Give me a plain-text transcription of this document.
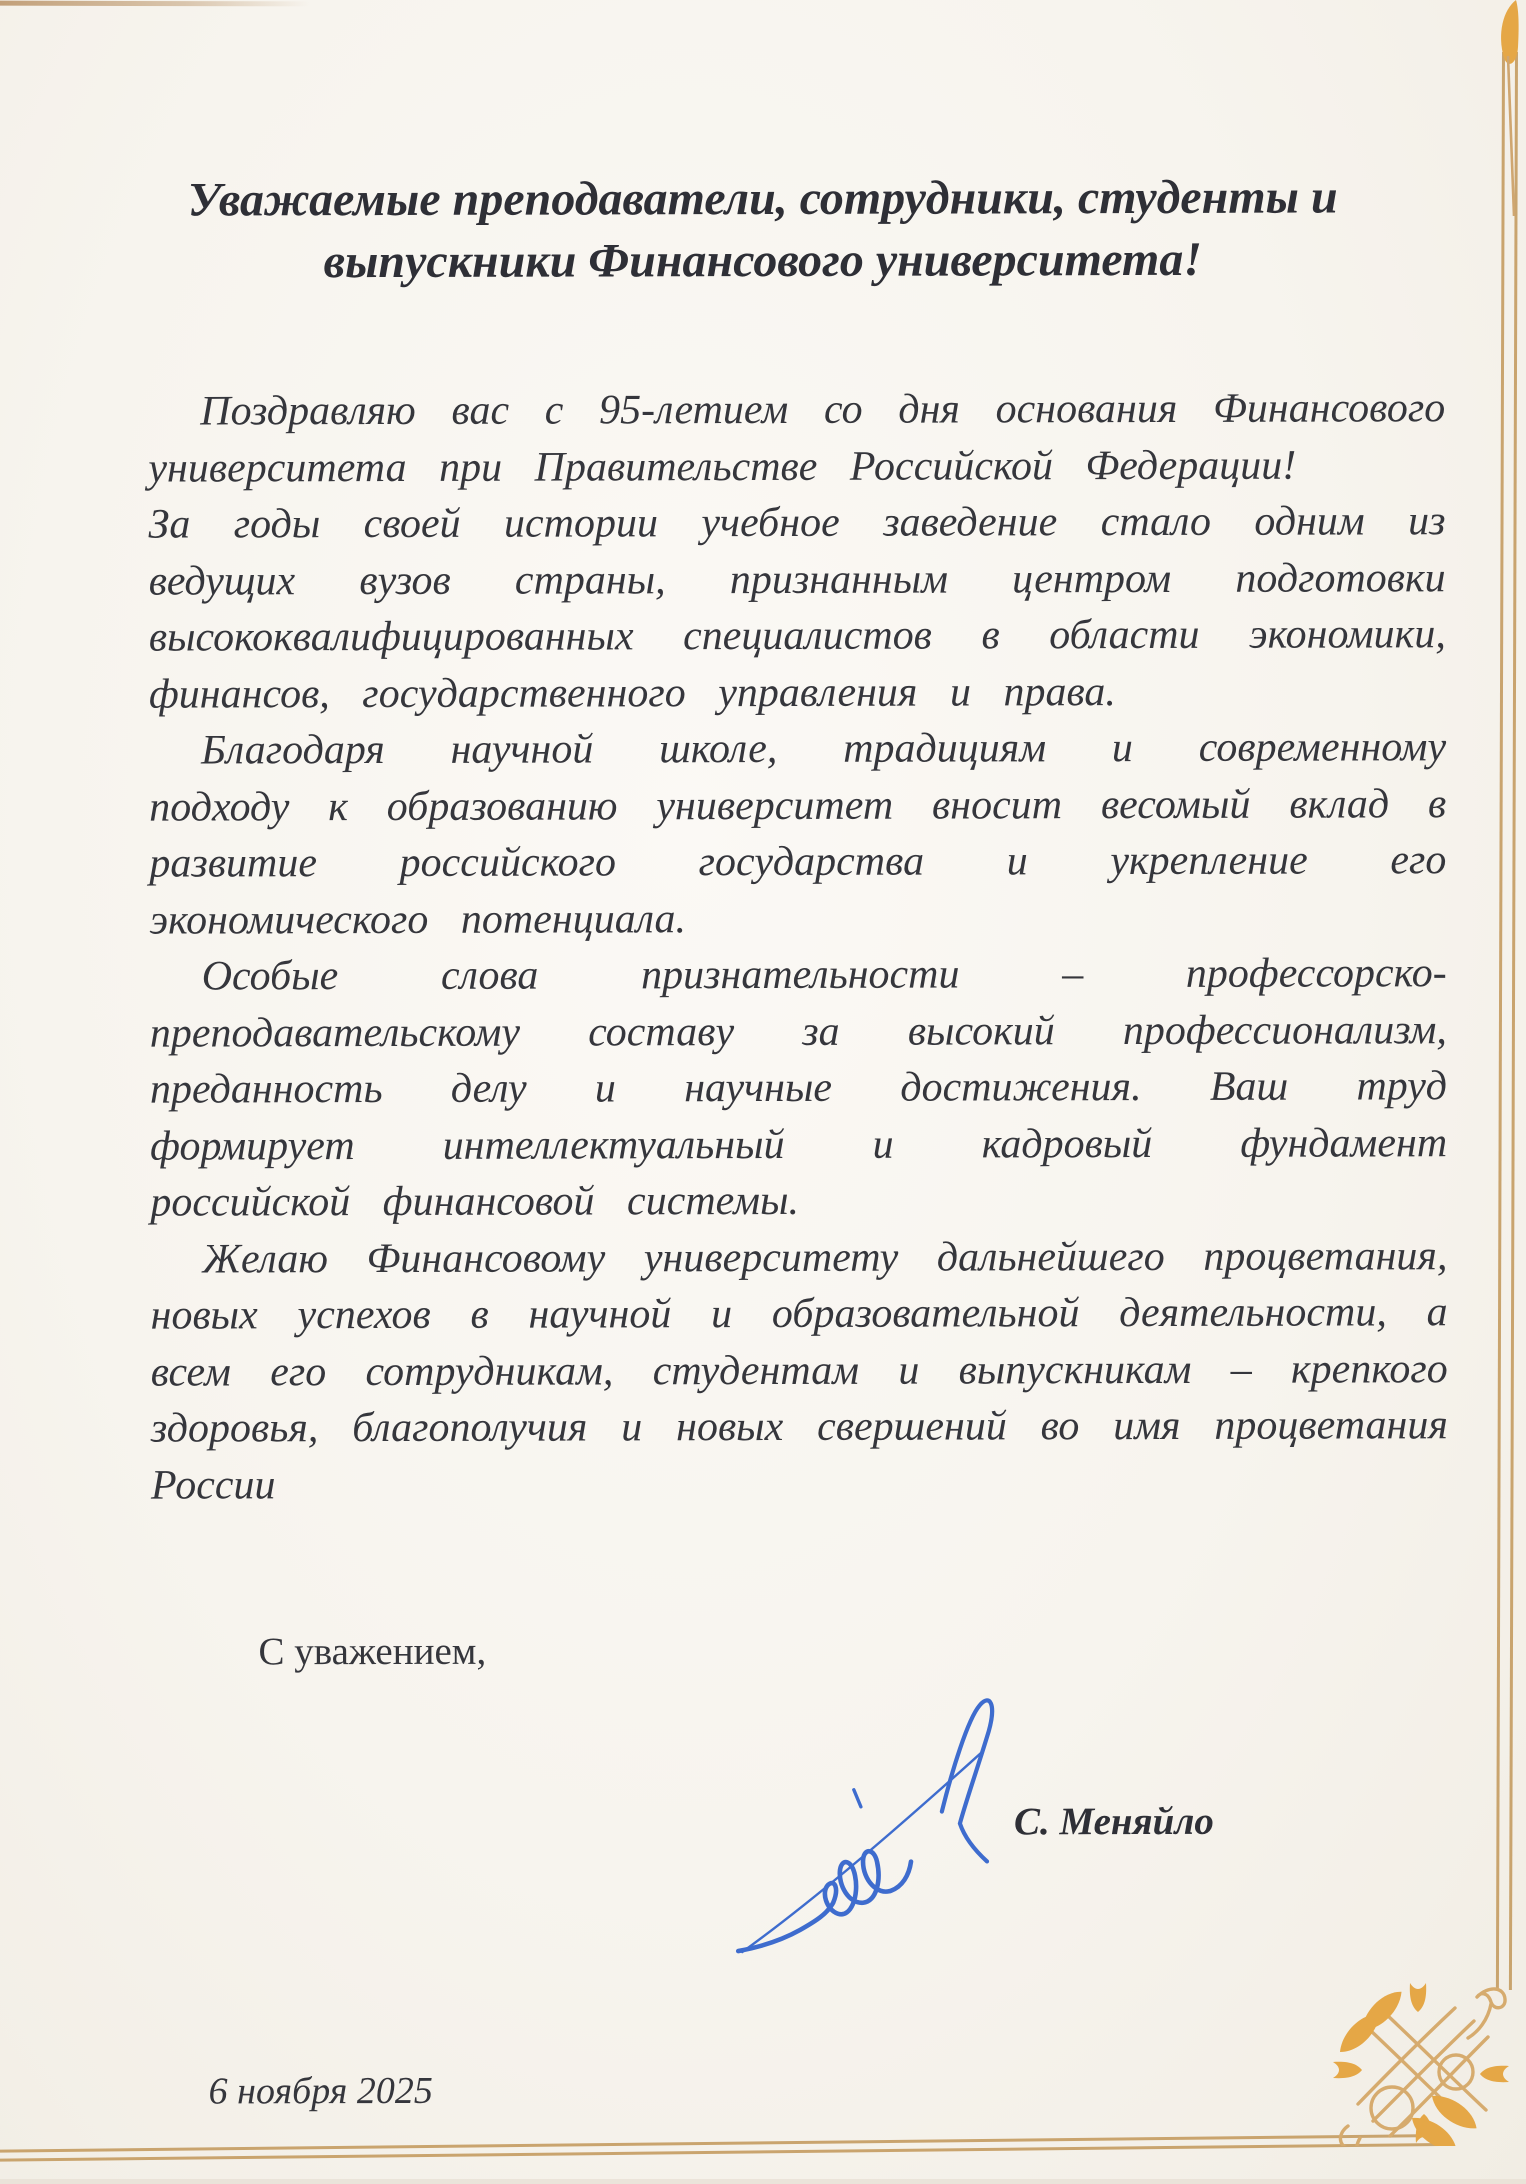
Уважаемые преподаватели, сотрудники, студенты и
выпускники Финансового университета!

Поздравляю вас с 95-летием со дня основания Финансового университета при Правительстве Российской Федерации!

За годы своей истории учебное заведение стало одним из ведущих вузов страны, признанным центром подготовки высококвалифицированных специалистов в области экономики, финансов, государственного управления и права.

Благодаря научной школе, традициям и современному подходу к образованию университет вносит весомый вклад в развитие российского государства и укрепление его экономического потенциала.

Особые слова признательности – профессорско-преподавательскому составу за высокий профессионализм, преданность делу и научные достижения. Ваш труд формирует интеллектуальный и кадровый фундамент российской финансовой системы.

Желаю Финансовому университету дальнейшего процветания, новых успехов в научной и образовательной деятельности, а всем его сотрудникам, студентам и выпускникам – крепкого здоровья, благополучия и новых свершений во имя процветания России

С уважением,
С. Меняйло
6 ноября 2025
